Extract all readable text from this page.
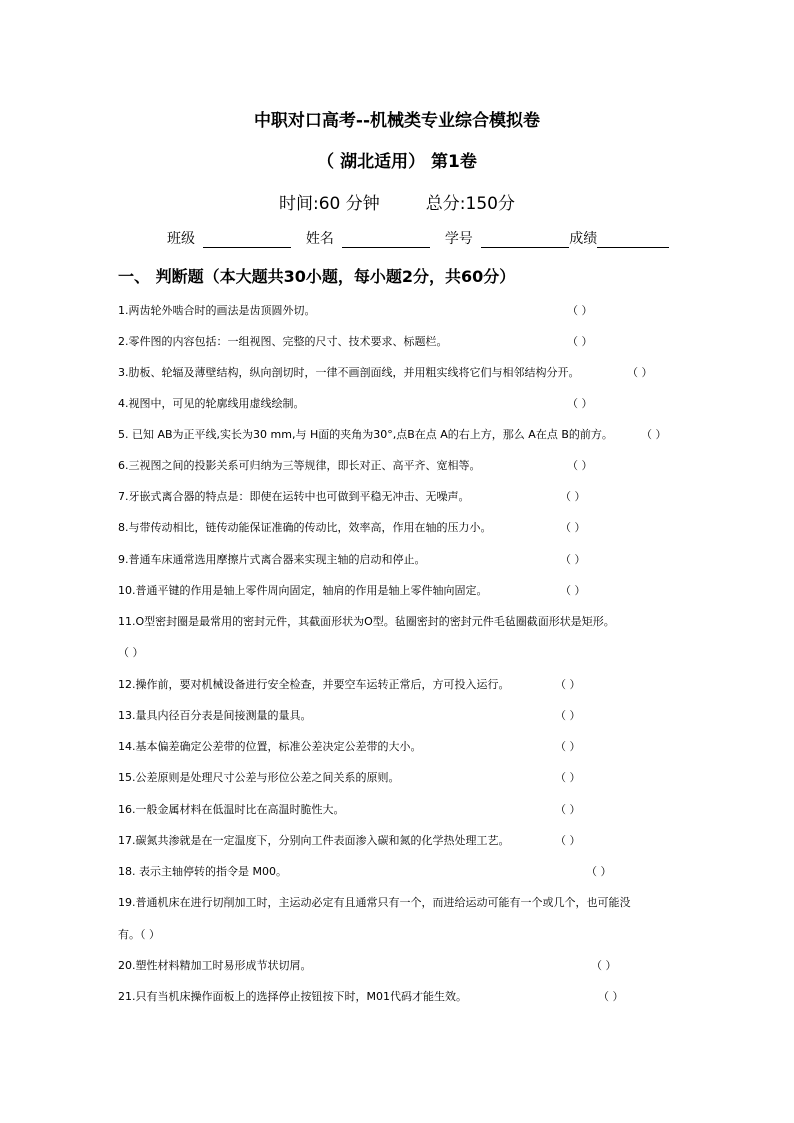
中职对口高考--机械类专业综合模拟卷
（ 湖北适用） 第1卷
时间:60 分钟	总分:150分
班级	姓名	学号	成绩
一、 判断题（本大题共30小题，每小题2分，共60分）
1.两齿轮外啮合时的画法是齿顶圆外切。	（ ）
2.零件图的内容包括：一组视图、完整的尺寸、技术要求、标题栏。	（ ）
3.肋板、轮辐及薄壁结构，纵向剖切时，一律不画剖面线，并用粗实线将它们与相邻结构分开。	（ ）
4.视图中，可见的轮廓线用虚线绘制。	（ ）
5. 已知 AB为正平线,实长为30 mm,与 H面的夹角为30°,点B在点 A的右上方，那么 A在点 B的前方。	（ ）
6.三视图之间的投影关系可归纳为三等规律，即长对正、高平齐、宽相等。	（ ）
7.牙嵌式离合器的特点是：即使在运转中也可做到平稳无冲击、无噪声。	（ ）
8.与带传动相比，链传动能保证准确的传动比，效率高，作用在轴的压力小。	（ ）
9.普通车床通常选用摩擦片式离合器来实现主轴的启动和停止。	（ ）
10.普通平键的作用是轴上零件周向固定，轴肩的作用是轴上零件轴向固定。	（ ）
11.O型密封圈是最常用的密封元件，其截面形状为O型。毡圈密封的密封元件毛毡圈截面形状是矩形。
（ ）
12.操作前，要对机械设备进行安全检查，并要空车运转正常后，方可投入运行。	（ ）
13.量具内径百分表是间接测量的量具。	（ ）
14.基本偏差确定公差带的位置，标准公差决定公差带的大小。	（ ）
15.公差原则是处理尺寸公差与形位公差之间关系的原则。	（ ）
16.一般金属材料在低温时比在高温时脆性大。	（ ）
17.碳氮共渗就是在一定温度下，分别向工件表面渗入碳和氮的化学热处理工艺。	（ ）
18. 表示主轴停转的指令是 M00。	（ ）
19.普通机床在进行切削加工时，主运动必定有且通常只有一个，而进给运动可能有一个或几个，也可能没
有。（ ）
20.塑性材料精加工时易形成节状切屑。	（ ）
21.只有当机床操作面板上的选择停止按钮按下时，M01代码才能生效。	（ ）
